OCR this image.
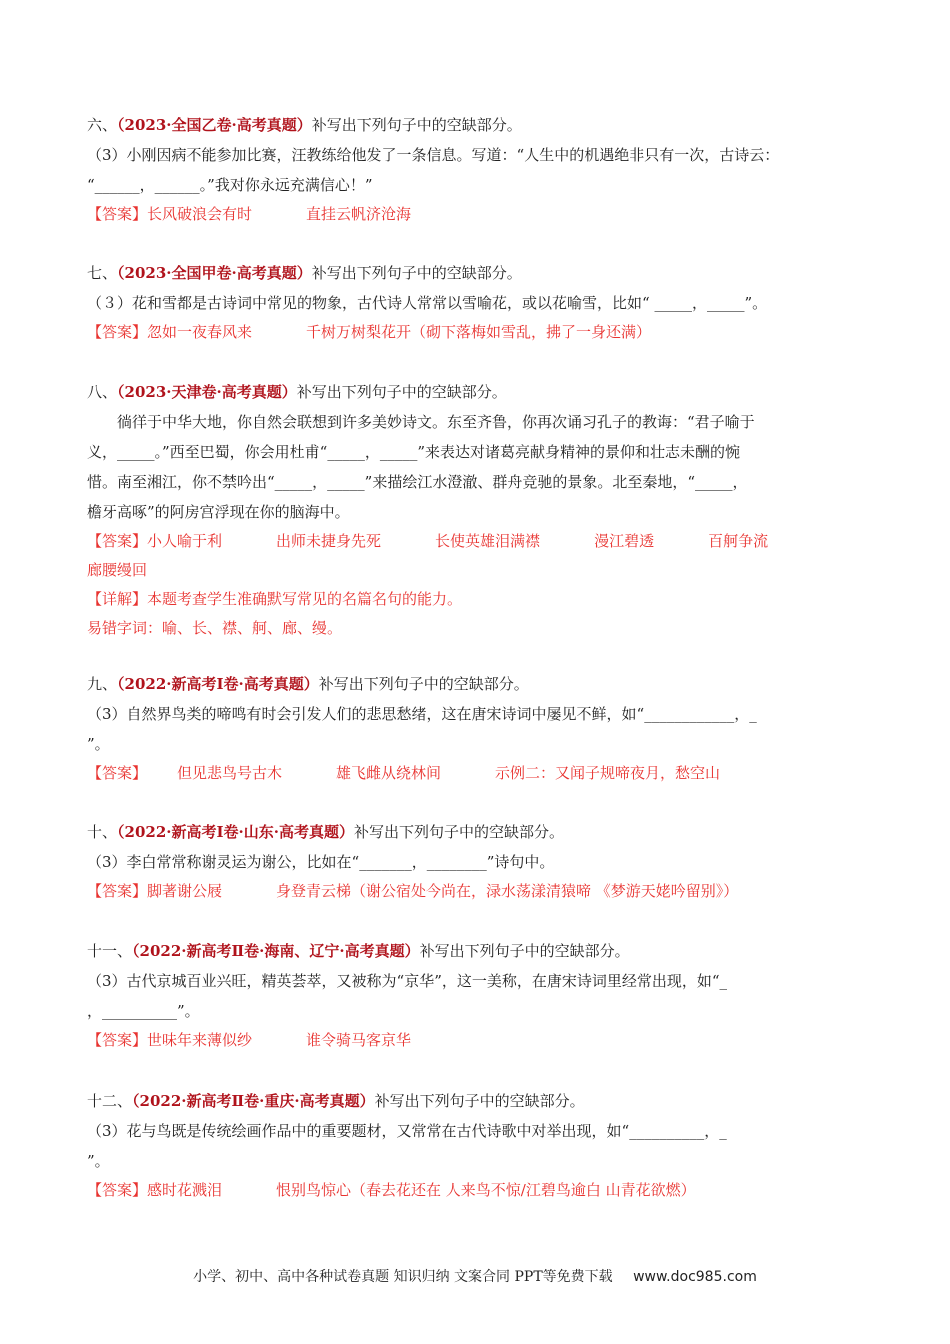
六、（2023·全国乙卷·高考真题）补写出下列句子中的空缺部分。
（3）小刚因病不能参加比赛，汪教练给他发了一条信息。写道：“人生中的机遇绝非只有一次，古诗云：
“______，______。”我对你永远充满信心！”
【答案】长风破浪会有时	直挂云帆济沧海
七、（2023·全国甲卷·高考真题）补写出下列句子中的空缺部分。
（３）花和雪都是古诗词中常见的物象，古代诗人常常以雪喻花，或以花喻雪，比如“ _____，_____”。
【答案】忽如一夜春风来	千树万树梨花开（砌下落梅如雪乱，拂了一身还满）
八、（2023·天津卷·高考真题）补写出下列句子中的空缺部分。
　　徜徉于中华大地，你自然会联想到许多美妙诗文。东至齐鲁，你再次诵习孔子的教诲：“君子喻于
义，_____。”西至巴蜀，你会用杜甫“_____，_____”来表达对诸葛亮献身精神的景仰和壮志未酬的惋
惜。南至湘江，你不禁吟出“_____，_____”来描绘江水澄澈、群舟竞驰的景象。北至秦地，“_____，
檐牙高啄”的阿房宫浮现在你的脑海中。
【答案】小人喻于利	出师未捷身先死	长使英雄泪满襟	漫江碧透	百舸争流廊腰缦回
【详解】本题考查学生准确默写常见的名篇名句的能力。
易错字词：喻、长、襟、舸、廊、缦。
九、（2022·新高考Ⅰ卷·高考真题）补写出下列句子中的空缺部分。
（3）自然界鸟类的啼鸣有时会引发人们的悲思愁绪，这在唐宋诗词中屡见不鲜，如“____________，_
”。
【答案】　　但见悲鸟号古木	雄飞雌从绕林间	示例二：又闻子规啼夜月，愁空山
十、（2022·新高考Ⅰ卷·山东·高考真题）补写出下列句子中的空缺部分。
（3）李白常常称谢灵运为谢公，比如在“_______，________”诗句中。
【答案】脚著谢公屐	身登青云梯（谢公宿处今尚在，渌水荡漾清猿啼 《梦游天姥吟留别》）
十一、（2022·新高考Ⅱ卷·海南、辽宁·高考真题）补写出下列句子中的空缺部分。
（3）古代京城百业兴旺，精英荟萃，又被称为“京华”，这一美称，在唐宋诗词里经常出现，如“_
，__________”。
【答案】世味年来薄似纱	谁令骑马客京华
十二、（2022·新高考Ⅱ卷·重庆·高考真题）补写出下列句子中的空缺部分。
（3）花与鸟既是传统绘画作品中的重要题材，又常常在古代诗歌中对举出现，如“__________，_
”。
【答案】感时花溅泪	恨别鸟惊心（春去花还在 人来鸟不惊/江碧鸟逾白 山青花欲燃）
小学、初中、高中各种试卷真题 知识归纳 文案合同 PPT等免费下载 www.doc985.com
